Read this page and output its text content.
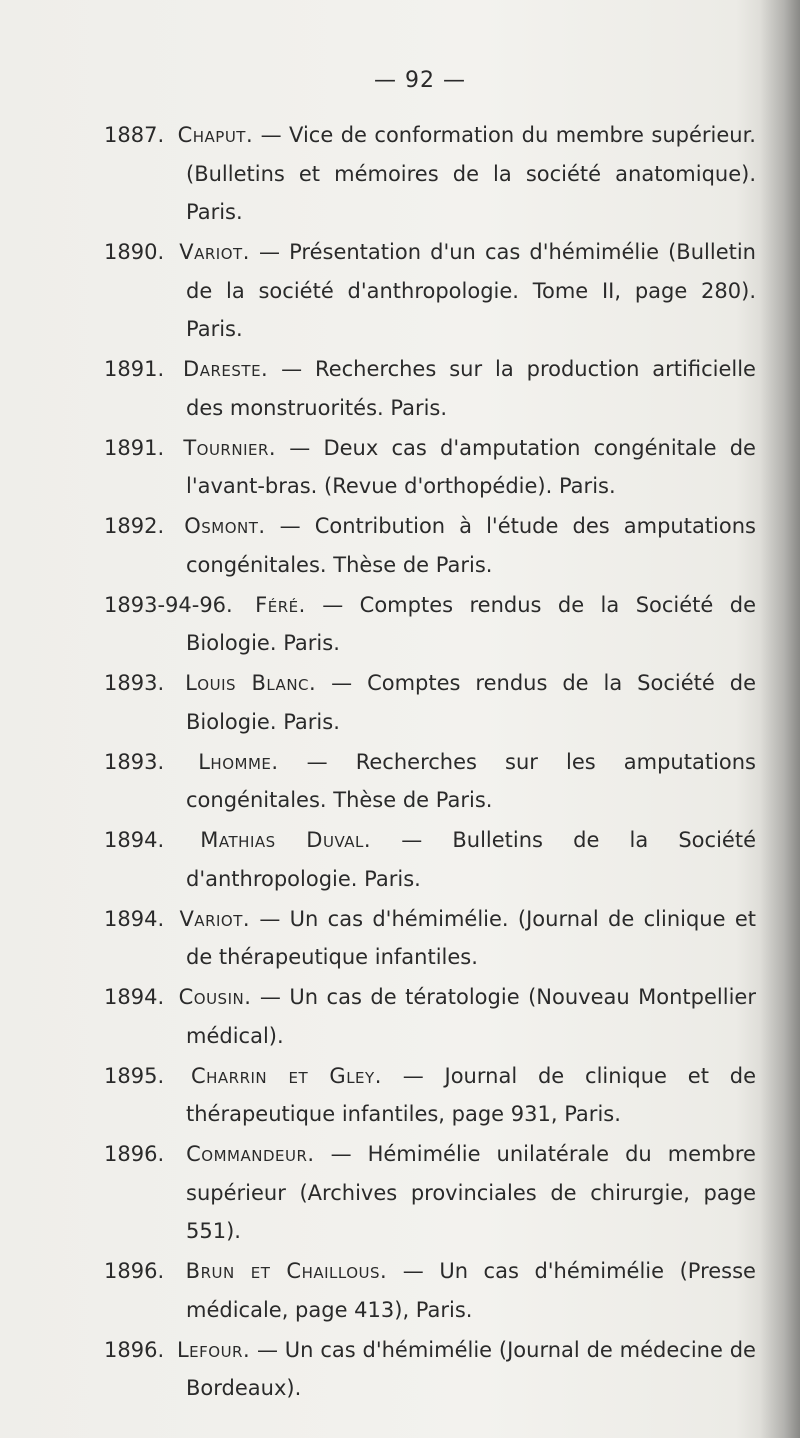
— 92 —

1887. Chaput. — Vice de conformation du membre supérieur. (Bulletins et mémoires de la société anatomique). Paris.

1890. Variot. — Présentation d'un cas d'hémimélie (Bulletin de la société d'anthropologie. Tome II, page 280). Paris.

1891. Dareste. — Recherches sur la production artificielle des monstruorités. Paris.

1891. Tournier. — Deux cas d'amputation congénitale de l'avant-bras. (Revue d'orthopédie). Paris.

1892. Osmont. — Contribution à l'étude des amputations congénitales. Thèse de Paris.

1893-94-96. Féré. — Comptes rendus de la Société de Biologie. Paris.

1893. Louis Blanc. — Comptes rendus de la Société de Biologie. Paris.

1893. Lhomme. — Recherches sur les amputations congénitales. Thèse de Paris.

1894. Mathias Duval. — Bulletins de la Société d'anthropologie. Paris.

1894. Variot. — Un cas d'hémimélie. (Journal de clinique et de thérapeutique infantiles.

1894. Cousin. — Un cas de tératologie (Nouveau Montpellier médical).

1895. Charrin et Gley. — Journal de clinique et de thérapeutique infantiles, page 931, Paris.

1896. Commandeur. — Hémimélie unilatérale du membre supérieur (Archives provinciales de chirurgie, page 551).

1896. Brun et Chaillous. — Un cas d'hémimélie (Presse médicale, page 413), Paris.

1896. Lefour. — Un cas d'hémimélie (Journal de médecine de Bordeaux).
